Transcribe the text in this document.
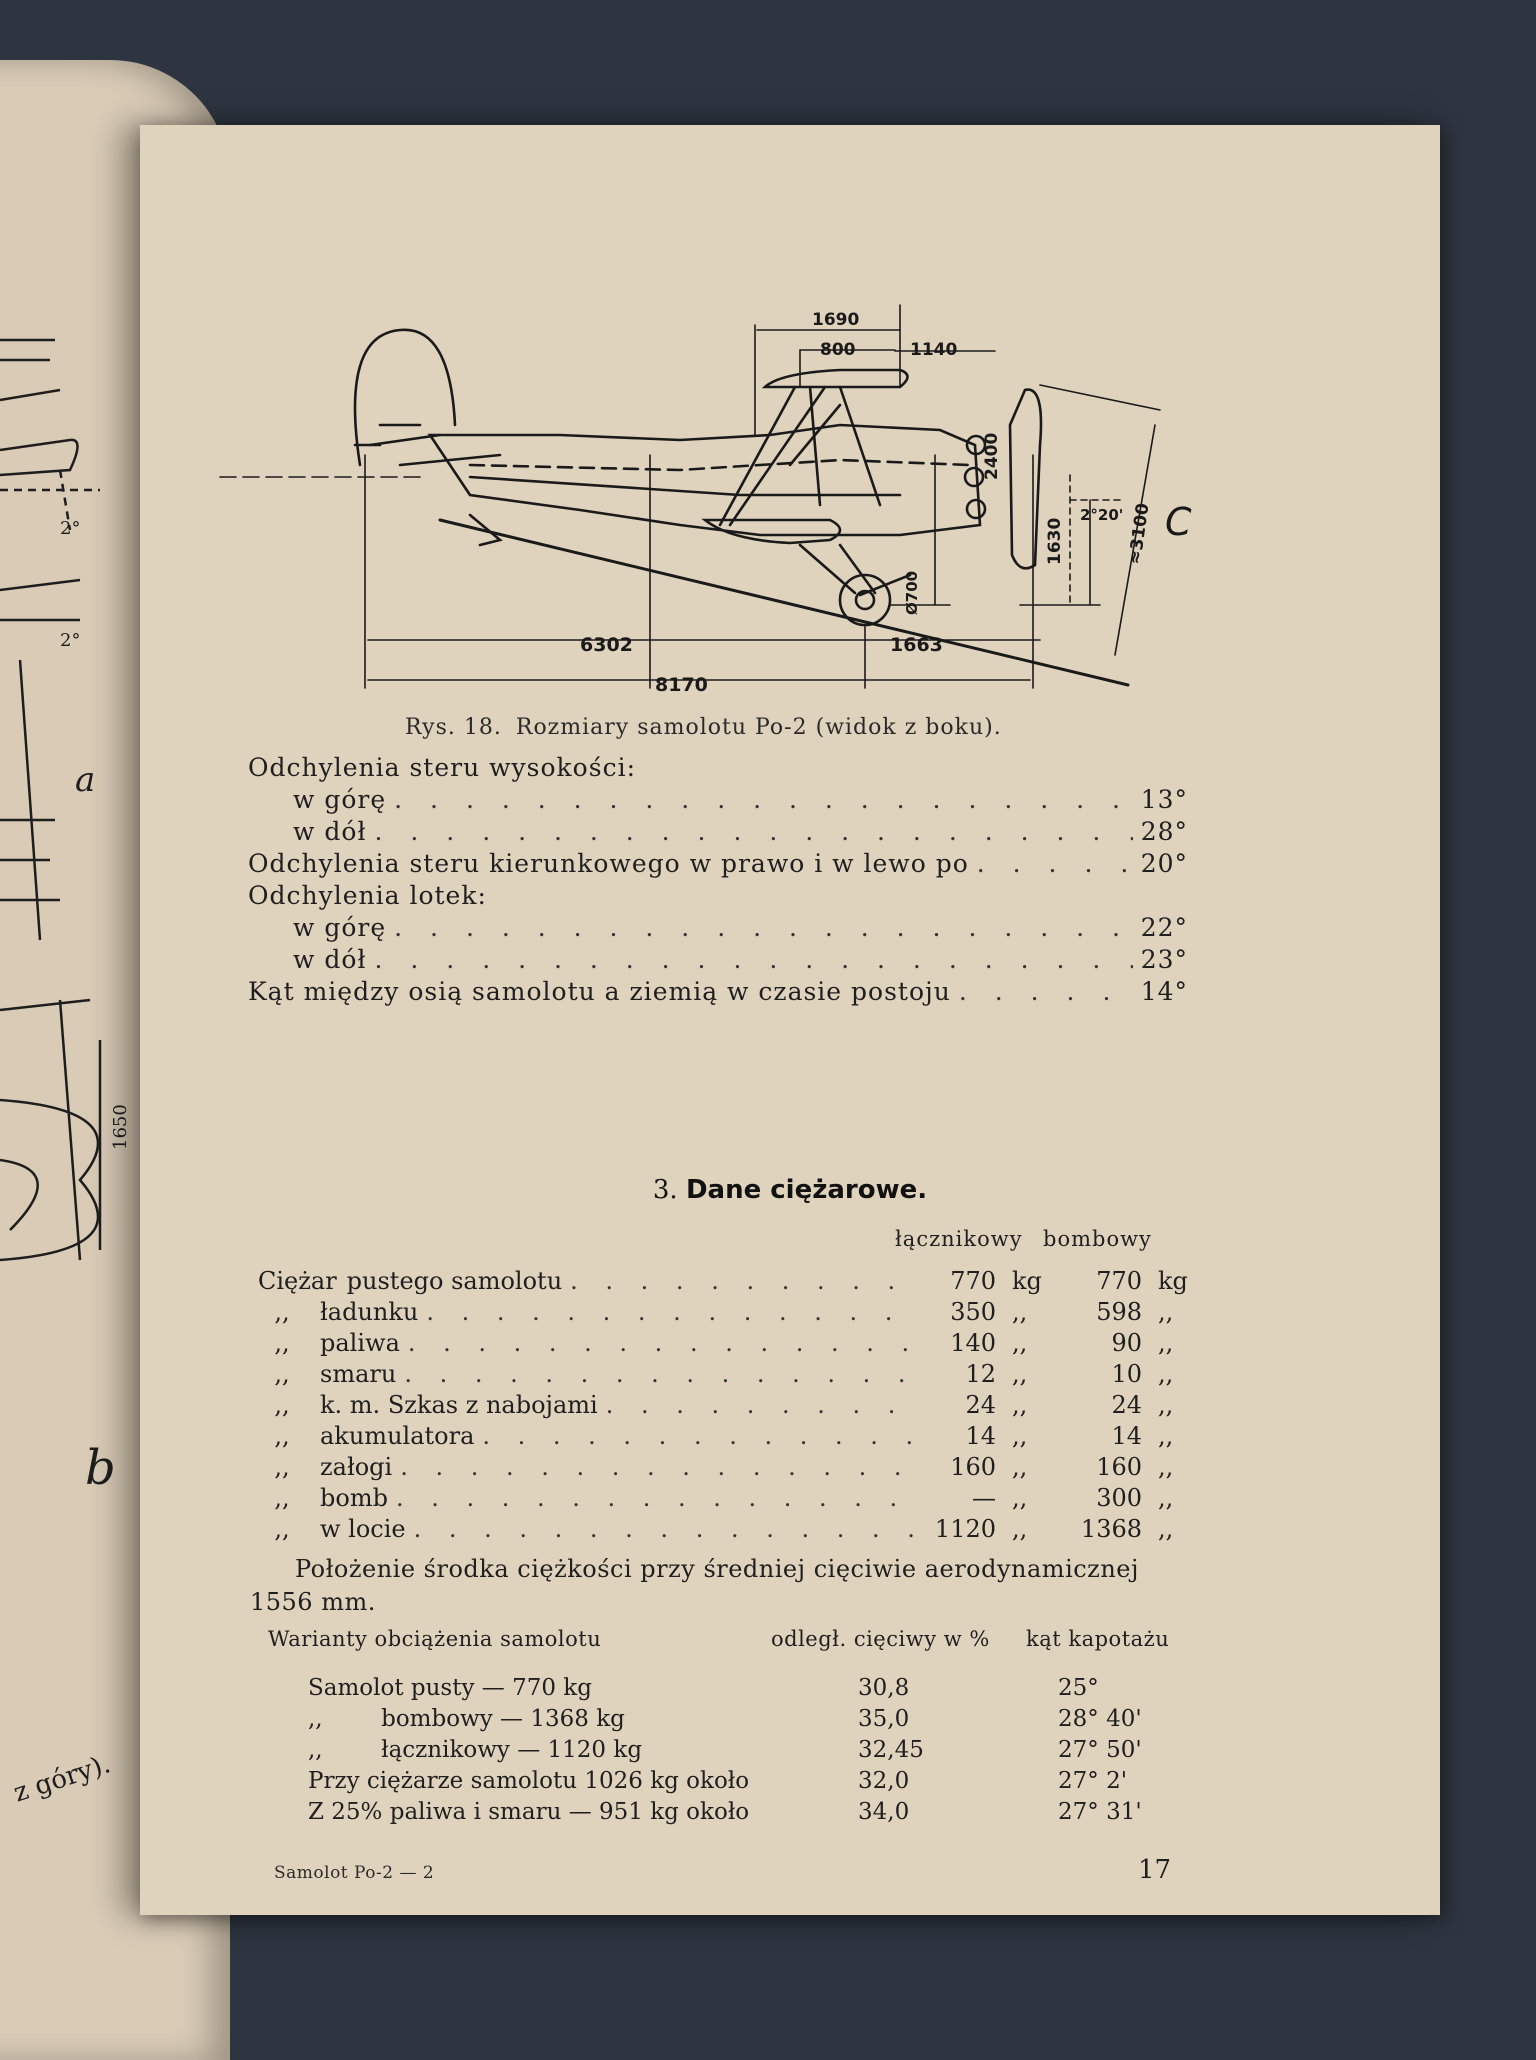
2°
2°
a
1650
b
z góry).
1690
800	1140
6302	1663
8170
2°20'
2400
1630
Ø700
≈3100 C
Rys. 18. Rozmiary samolotu Po-2 (widok z boku).
Odchylenia steru wysokości:
w górę . . .	13°
w dół . . .	28°
Odchylenia steru kierunkowego w prawo i w lewo po . . .	20°
Odchylenia lotek:
w górę . . .	22°
w dół . . .	23°
Kąt między osią samolotu a ziemią w czasie postoju . . .	14°
3. Dane ciężarowe.
łącznikowy bombowy
Ciężar pustego samolotu . . .	770 kg	770 kg
,,	ładunku . . .	350 ,,	598 ,,
,,	paliwa . . .	140 ,,	90 ,,
,,	smaru . . .	12 ,,	10 ,,
,,	k. m. Szkas z nabojami . . .	24 ,,	24 ,,
,,	akumulatora . . .	14 ,,	14 ,,
,,	załogi . . .	160 ,,	160 ,,
,,	bomb . . .	— ,,	300 ,,
,,	w locie . . .	1120 ,,	1368 ,,
Położenie środka ciężkości przy średniej cięciwie aerodynamicznej
1556 mm.
Warianty obciążenia samolotu	odległ. cięciwy w % kąt kapotażu
Samolot pusty — 770 kg	30,8	25°
,,        bombowy — 1368 kg	35,0	28° 40'
,,        łącznikowy — 1120 kg	32,45	27° 50'
Przy ciężarze samolotu 1026 kg około	32,0	27° 2'
Z 25% paliwa i smaru — 951 kg około	34,0	27° 31'
Samolot Po-2 — 2	17
